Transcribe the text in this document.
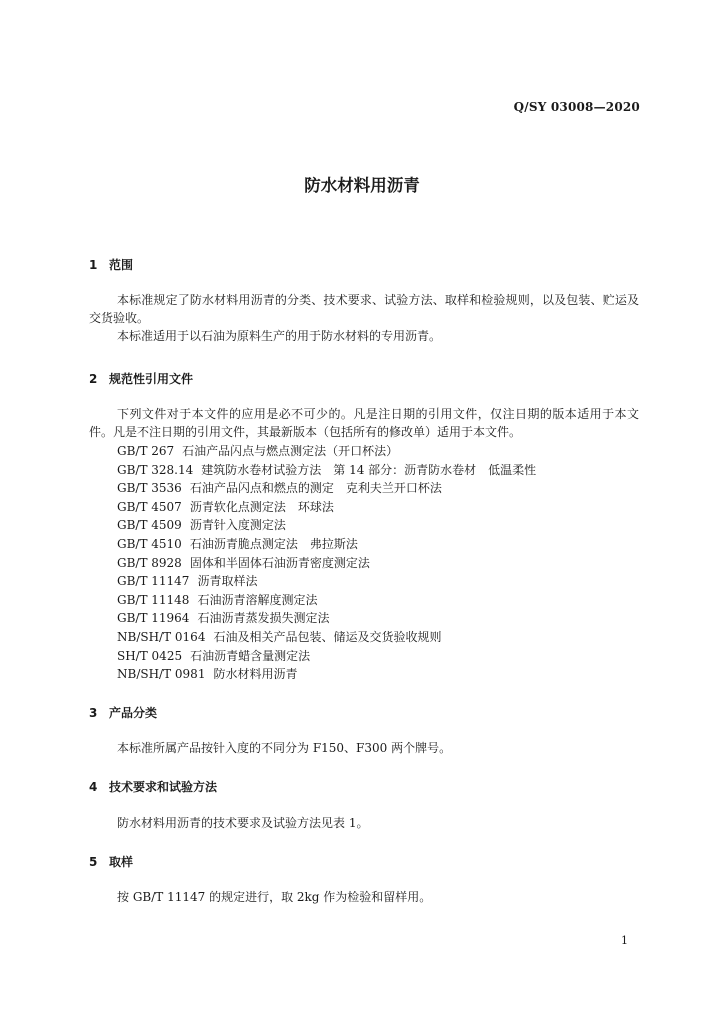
Q/SY 03008—2020
防水材料用沥青
1 范围

本标准规定了防水材料用沥青的分类、技术要求、试验方法、取样和检验规则，以及包装、贮运及交货验收。

本标准适用于以石油为原料生产的用于防水材料的专用沥青。

2 规范性引用文件

下列文件对于本文件的应用是必不可少的。凡是注日期的引用文件，仅注日期的版本适用于本文件。凡是不注日期的引用文件，其最新版本（包括所有的修改单）适用于本文件。

GB/T 267 石油产品闪点与燃点测定法（开口杯法）
GB/T 328.14 建筑防水卷材试验方法　第 14 部分：沥青防水卷材　低温柔性
GB/T 3536 石油产品闪点和燃点的测定　克利夫兰开口杯法
GB/T 4507 沥青软化点测定法　环球法
GB/T 4509 沥青针入度测定法
GB/T 4510 石油沥青脆点测定法　弗拉斯法
GB/T 8928 固体和半固体石油沥青密度测定法
GB/T 11147 沥青取样法
GB/T 11148 石油沥青溶解度测定法
GB/T 11964 石油沥青蒸发损失测定法
NB/SH/T 0164 石油及相关产品包装、储运及交货验收规则
SH/T 0425 石油沥青蜡含量测定法
NB/SH/T 0981 防水材料用沥青
3 产品分类

本标准所属产品按针入度的不同分为 F150、F300 两个牌号。

4 技术要求和试验方法

防水材料用沥青的技术要求及试验方法见表 1。

5 取样

按 GB/T 11147 的规定进行，取 2kg 作为检验和留样用。

1
